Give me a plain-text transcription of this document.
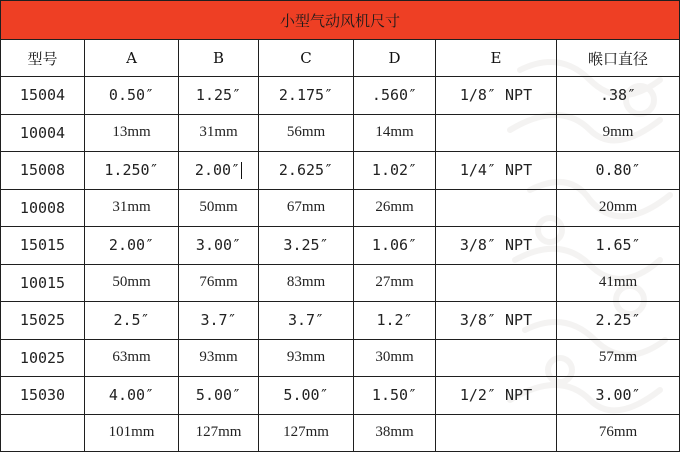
小型气动风机尺寸						
型号	A	B	C	D	E	喉口直径
15004	0.50″	1.25″	2.175″	.560″	1/8″ NPT	.38″
10004	13mm	31mm	56mm	14mm		9mm
15008	1.250″	2.00″	2.625″	1.02″	1/4″ NPT	0.80″
10008	31mm	50mm	67mm	26mm		20mm
15015	2.00″	3.00″	3.25″	1.06″	3/8″ NPT	1.65″
10015	50mm	76mm	83mm	27mm		41mm
15025	2.5″	3.7″	3.7″	1.2″	3/8″ NPT	2.25″
10025	63mm	93mm	93mm	30mm		57mm
15030	4.00″	5.00″	5.00″	1.50″	1/2″ NPT	3.00″
	101mm	127mm	127mm	38mm		76mm
